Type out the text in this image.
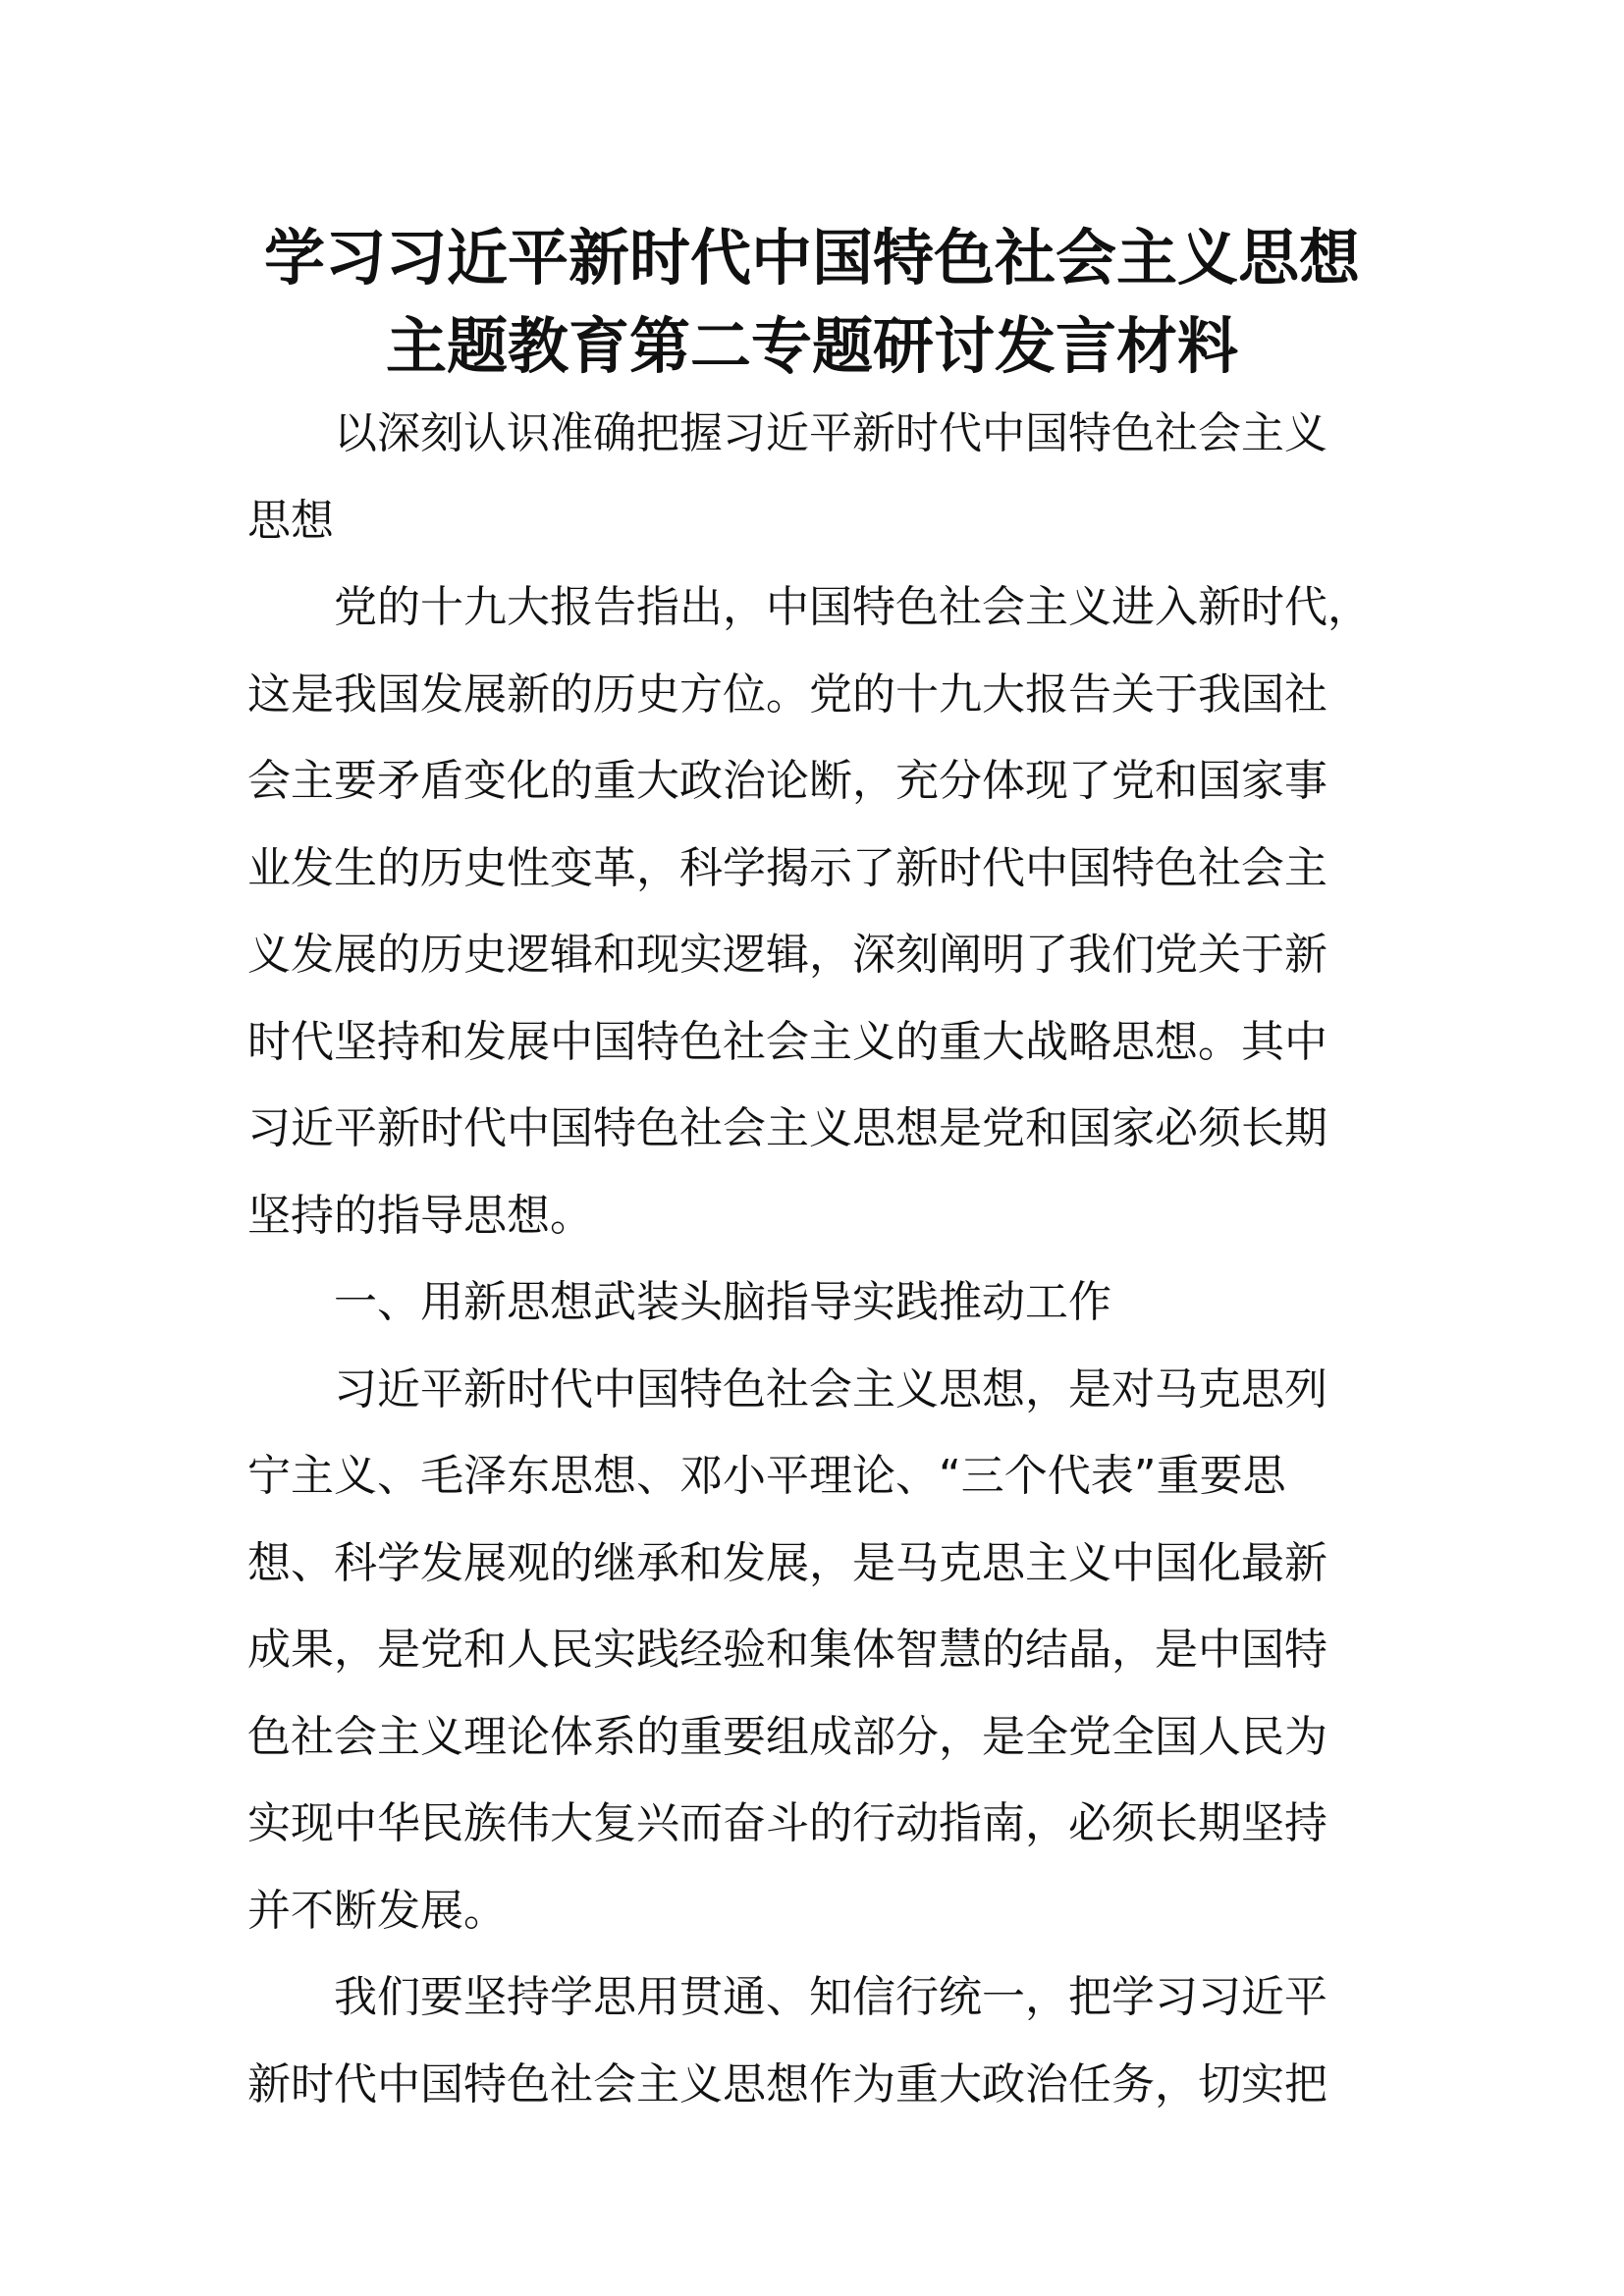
学习习近平新时代中国特色社会主义思想
主题教育第二专题研讨发言材料
以深刻认识准确把握习近平新时代中国特色社会主义
思想
党的十九大报告指出，中国特色社会主义进入新时代，
这是我国发展新的历史方位。党的十九大报告关于我国社
会主要矛盾变化的重大政治论断，充分体现了党和国家事
业发生的历史性变革，科学揭示了新时代中国特色社会主
义发展的历史逻辑和现实逻辑，深刻阐明了我们党关于新
时代坚持和发展中国特色社会主义的重大战略思想。其中
习近平新时代中国特色社会主义思想是党和国家必须长期
坚持的指导思想。
一、用新思想武装头脑指导实践推动工作
习近平新时代中国特色社会主义思想，是对马克思列
宁主义、毛泽东思想、邓小平理论、“三个代表”重要思
想、科学发展观的继承和发展，是马克思主义中国化最新
成果，是党和人民实践经验和集体智慧的结晶，是中国特
色社会主义理论体系的重要组成部分，是全党全国人民为
实现中华民族伟大复兴而奋斗的行动指南，必须长期坚持
并不断发展。
我们要坚持学思用贯通、知信行统一，把学习习近平
新时代中国特色社会主义思想作为重大政治任务，切实把
